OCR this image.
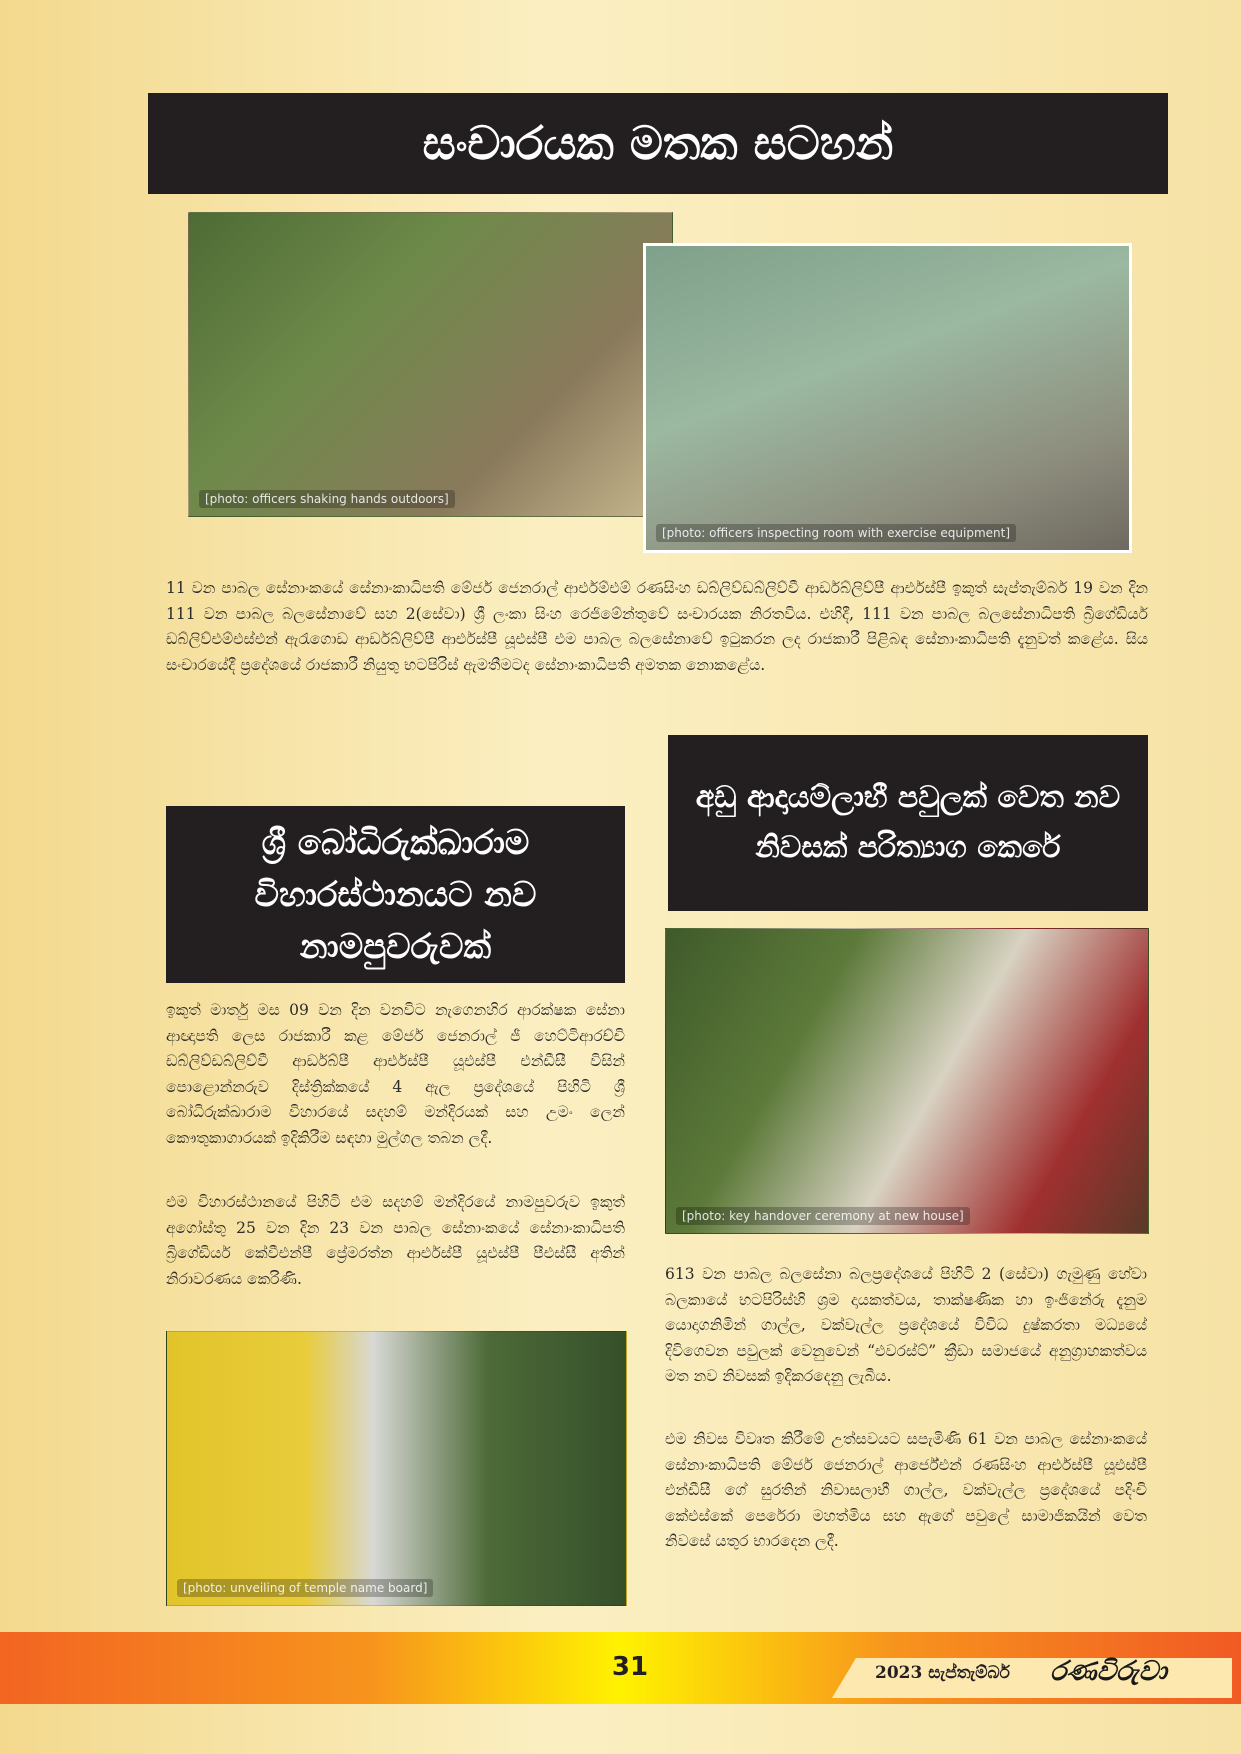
සංචාරයක මතක සටහන්
[photo: officers shaking hands outdoors]
[photo: officers inspecting room with exercise equipment]

11 වන පාබල සේනාංකයේ සේනාංකාධිපති මේජර් ජෙනරාල් ආර්එම්එම් රණසිංහ ඩබ්ලිව්ඩබ්ලිව්වී ආර්ඩබ්ලිව්පී ආර්එස්පී ඉකුත් සැප්තැම්බර් 19 වන දින 111 වන පාබල බලසේනාවේ සහ 2(සේවා) ශ්‍රී ලංකා සිංහ රෙජිමේන්තුවේ සංචාරයක නිරතවිය. එහිදී, 111 වන පාබල බලසේනාධිපති බ්‍රිගේඩියර් ඩබ්ලිව්එම්එස්එන් ඇරැගොඩ ආර්ඩබ්ලිව්පී ආර්එස්පී යූඑස්පී එම පාබල බලසේනාවේ ඉටුකරන ලද රාජකාරී පිළිබඳ සේනාංකාධිපති දැනුවත් කළේය. සිය සංචාරයේදී ප්‍රදේශයේ රාජකාරී නියුතු භටපිරිස් ඇමතීමටද සේනාංකාධිපති අමතක නොකළේය.

අඩු ආදායම්ලාභී පවුලක් වෙත නව නිවසක් පරිත්‍යාග කෙරේ
ශ්‍රී බෝධිරුක්ඛාරාම විහාරස්ථානයට නව නාමපුවරුවක්

ඉකුත් මාර්තු මස 09 වන දින වනවිට නැගෙනහිර ආරක්ෂක සේනා ආඥාපති ලෙස රාජකාරී කළ මේජර් ජෙනරාල් ජී හෙට්ටිආරච්චි ඩබ්ලිව්ඩබ්ලිව්වී ආර්ඩබ්පී ආර්එස්පී යූඑස්පී එන්ඩීසී විසින් පොළොන්නරුව දිස්ත්‍රික්කයේ 4 ඇල ප්‍රදේශයේ පිහිටි ශ්‍රී බෝධිරුක්ඛාරාම විහාරයේ සදහම් මන්දිරයක් සහ උමං ලෙන් කෞතුකාගාරයක් ඉදිකිරීම සඳහා මුල්ගල තබන ලදී.

එම විහාරස්ථානයේ පිහිටි එම සදහම් මන්දිරයේ නාමපුවරුව ඉකුත් අගෝස්තු 25 වන දින 23 වන පාබල සේනාංකයේ සේනාංකාධිපති බ්‍රිගේඩියර් කේවීඑන්පී ප්‍රේමරත්න ආර්එස්පී යූඑස්පී පීඑස්සී අතින් නිරාවරණය කෙරිණි.

[photo: key handover ceremony at new house]

613 වන පාබල බලසේනා බලප්‍රදේශයේ පිහිටි 2 (සේවා) ගැමුණු හේවා බලකායේ භටපිරිස්හි ශ්‍රම දායකත්වය, තාක්ෂණික හා ඉංජිනේරු දැනුම යොදාගනිමින් ගාල්ල, වක්වැල්ල ප්‍රදේශයේ විවිධ දුෂ්කරතා මධ්‍යයේ දිවිගෙවන පවුලක් වෙනුවෙන් “එවරස්ට්” ක්‍රීඩා සමාජයේ අනුග්‍රාහකත්වය මත නව නිවසක් ඉදිකරදෙනු ලැබීය.

එම නිවස විවෘත කිරීමේ උත්සවයට සපැමිණි 61 වන පාබල සේනාංකයේ සේනාංකාධිපති මේජර් ජෙනරාල් ආර්ජේඑන් රණසිංහ ආර්එස්පී යූඑස්පී එන්ඩීසී ගේ සුරතින් නිවාසලාභී ගාල්ල, වක්වැල්ල ප්‍රදේශයේ පදිංචි කේඑස්කේ පෙරේරා මහත්මිය සහ ඇගේ පවුලේ සාමාජිකයින් වෙත නිවසේ යතුර භාරදෙන ලදී.

[photo: unveiling of temple name board]
31	2023 සැප්තැම්බර් රණවිරුවා
